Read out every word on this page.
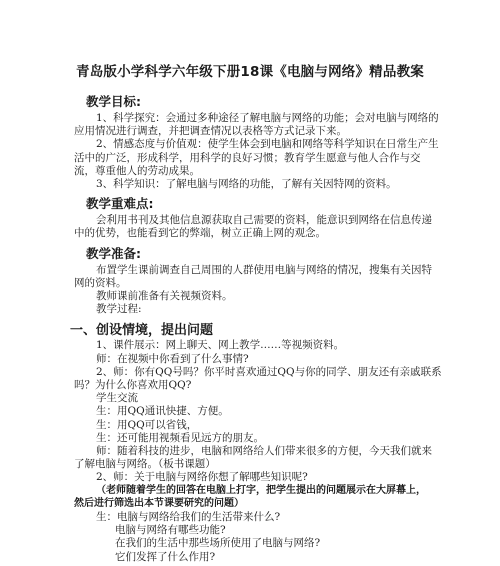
青岛版小学科学六年级下册18课《电脑与网络》精品教案
教学目标:
1、科学探究：会通过多种途径了解电脑与网络的功能；会对电脑与网络的
应用情况进行调查，并把调查情况以表格等方式记录下来。
2、情感态度与价值观：使学生体会到电脑和网络等科学知识在日常生产生
活中的广泛，形成科学，用科学的良好习惯；教育学生愿意与他人合作与交
流，尊重他人的劳动成果。
3、科学知识：了解电脑与网络的功能，了解有关因特网的资料。
教学重难点:
会利用书刊及其他信息源获取自己需要的资料，能意识到网络在信息传递
中的优势，也能看到它的弊端，树立正确上网的观念。
教学准备:
布置学生课前调查自己周围的人群使用电脑与网络的情况，搜集有关因特
网的资料。
教师课前准备有关视频资料。
教学过程:
一、创设情境，提出问题
1、课件展示：网上聊天、网上教学……等视频资料。
师：在视频中你看到了什么事情?
2、师：你有QQ号吗？你平时喜欢通过QQ与你的同学、朋友还有亲戚联系
吗？为什么你喜欢用QQ?
学生交流
生：用QQ通讯快捷、方便。
生：用QQ可以省钱，
生：还可能用视频看见远方的朋友。
师：随着科技的进步，电脑和网络给人们带来很多的方便，今天我们就来
了解电脑与网络。（板书课题）
2、师：关于电脑与网络你想了解哪些知识呢?
（老师随着学生的回答在电脑上打字，把学生提出的问题展示在大屏幕上，
然后进行筛选出本节课要研究的问题）
生：电脑与网络给我们的生活带来什么?
电脑与网络有哪些功能?
在我们的生活中那些场所使用了电脑与网络?
它们发挥了什么作用?
